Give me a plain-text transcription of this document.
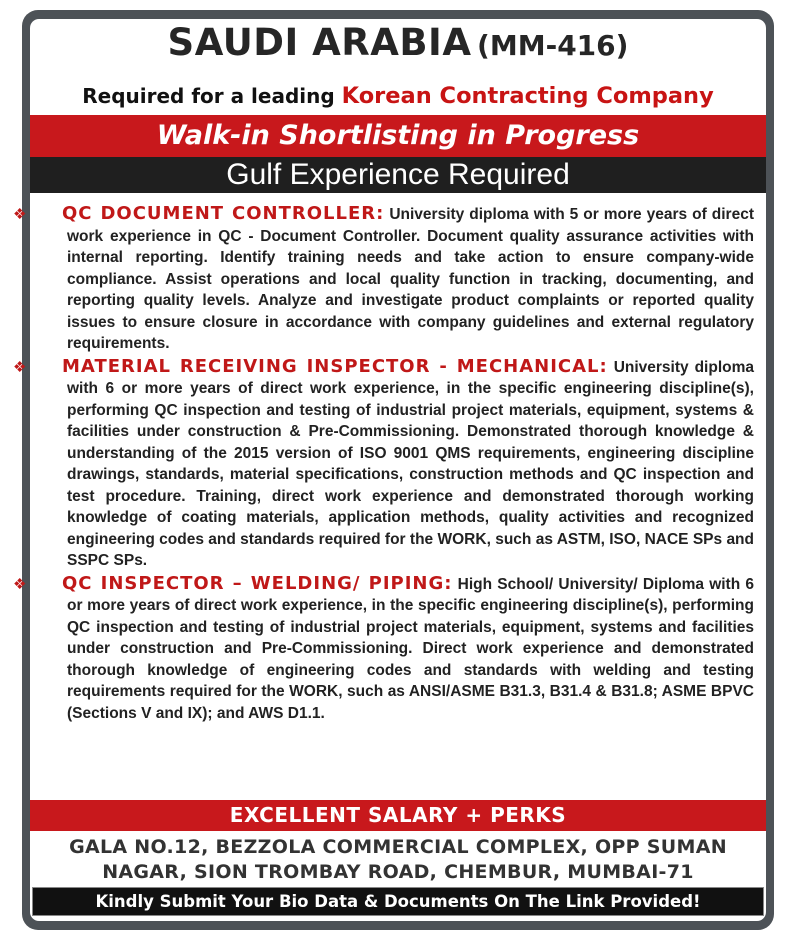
SAUDI ARABIA (MM-416)
Required for a leading Korean Contracting Company
Walk-in Shortlisting in Progress
Gulf Experience Required

❖ QC DOCUMENT CONTROLLER: University diploma with 5 or more years of direct work experience in QC - Document Controller. Document quality assurance activities with internal reporting. Identify training needs and take action to ensure company-wide compliance. Assist operations and local quality function in tracking, documenting, and reporting quality levels. Analyze and investigate product complaints or reported quality issues to ensure closure in accordance with company guidelines and external regulatory requirements.

❖ MATERIAL RECEIVING INSPECTOR - MECHANICAL: University diploma with 6 or more years of direct work experience, in the specific engineering discipline(s), performing QC inspection and testing of industrial project materials, equipment, systems & facilities under construction & Pre-Commissioning. Demonstrated thorough knowledge & understanding of the 2015 version of ISO 9001 QMS requirements, engineering discipline drawings, standards, material specifications, construction methods and QC inspection and test procedure. Training, direct work experience and demonstrated thorough working knowledge of coating materials, application methods, quality activities and recognized engineering codes and standards required for the WORK, such as ASTM, ISO, NACE SPs and SSPC SPs.

❖ QC INSPECTOR – WELDING/ PIPING: High School/ University/ Diploma with 6 or more years of direct work experience, in the specific engineering discipline(s), performing QC inspection and testing of industrial project materials, equipment, systems and facilities under construction and Pre-Commissioning. Direct work experience and demonstrated thorough knowledge of engineering codes and standards with welding and testing requirements required for the WORK, such as ANSI/ASME B31.3, B31.4 & B31.8; ASME BPVC (Sections V and IX); and AWS D1.1.

EXCELLENT SALARY + PERKS
GALA NO.12, BEZZOLA COMMERCIAL COMPLEX, OPP SUMAN
NAGAR, SION TROMBAY ROAD, CHEMBUR, MUMBAI-71
Kindly Submit Your Bio Data & Documents On The Link Provided!
